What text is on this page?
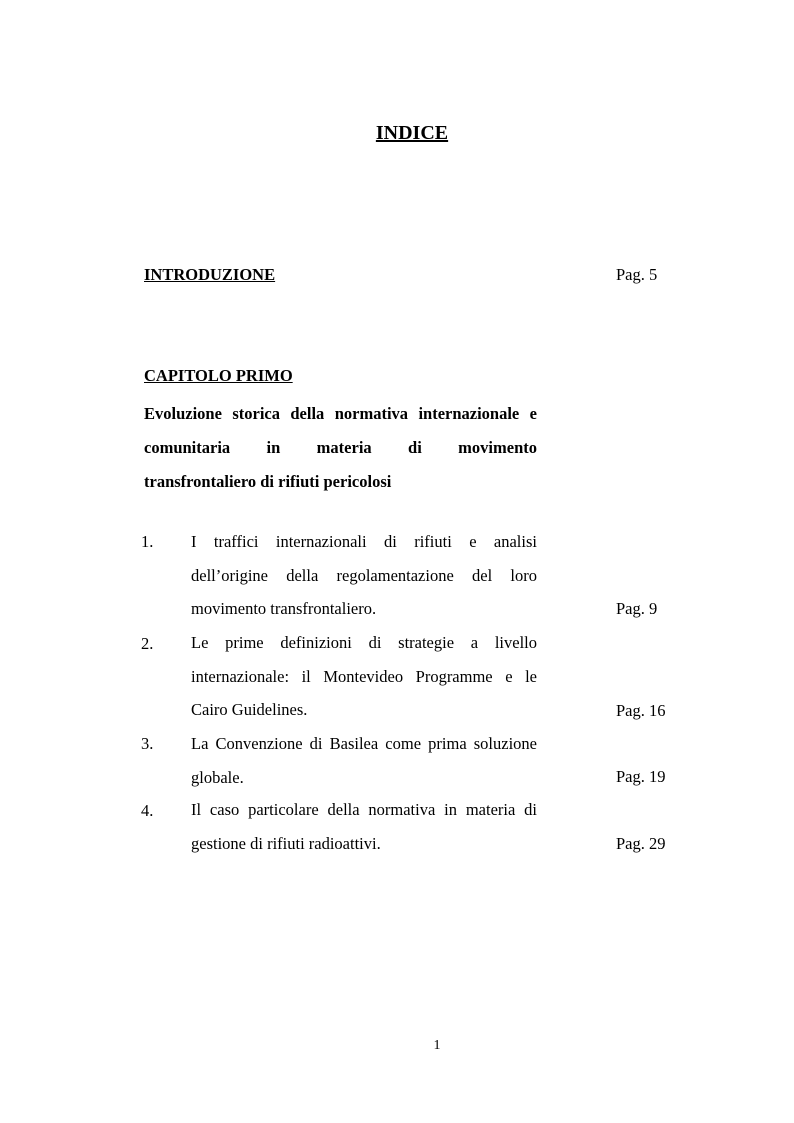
INDICE
INTRODUZIONE	Pag. 5
CAPITOLO PRIMO
Evoluzione storica della normativa internazionale e
comunitaria in materia di movimento
transfrontaliero di rifiuti pericolosi
1. I traffici internazionali di rifiuti e analisi
dell’origine della regolamentazione del loro
movimento transfrontaliero.	Pag. 9
2. Le prime definizioni di strategie a livello
internazionale: il Montevideo Programme e le
Cairo Guidelines.	Pag. 16
3. La Convenzione di Basilea come prima soluzione
globale.	Pag. 19
4. Il caso particolare della normativa in materia di
gestione di rifiuti radioattivi.	Pag. 29
1
